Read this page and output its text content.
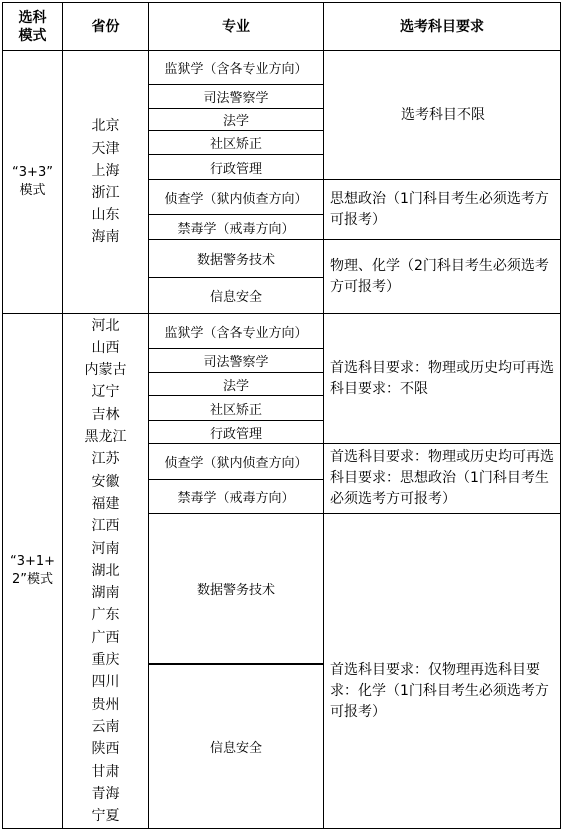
选科
模式
省份	专业	选考科目要求
“3+3”
模式
北京
天津
上海
浙江
山东
海南
监狱学（含各专业方向）
司法警察学
法学
社区矫正
行政管理
侦查学（狱内侦查方向）
禁毒学（戒毒方向）
数据警务技术
信息安全
选考科目不限
思想政治（1门科目考生必须选考方可报考）
物理、化学（2门科目考生必须选考方可报考）
“3+1+
2”模式
河北
山西
内蒙古
辽宁
吉林
黑龙江
江苏
安徽
福建
江西
河南
湖北
湖南
广东
广西
重庆
四川
贵州
云南
陕西
甘肃
青海
宁夏
监狱学（含各专业方向）
司法警察学
法学
社区矫正
行政管理
侦查学（狱内侦查方向）
禁毒学（戒毒方向）
数据警务技术
信息安全
首选科目要求：物理或历史均可再选科目要求：不限
首选科目要求：物理或历史均可再选科目要求：思想政治（1门科目考生必须选考方可报考）
首选科目要求：仅物理再选科目要求：化学（1门科目考生必须选考方可报考）
